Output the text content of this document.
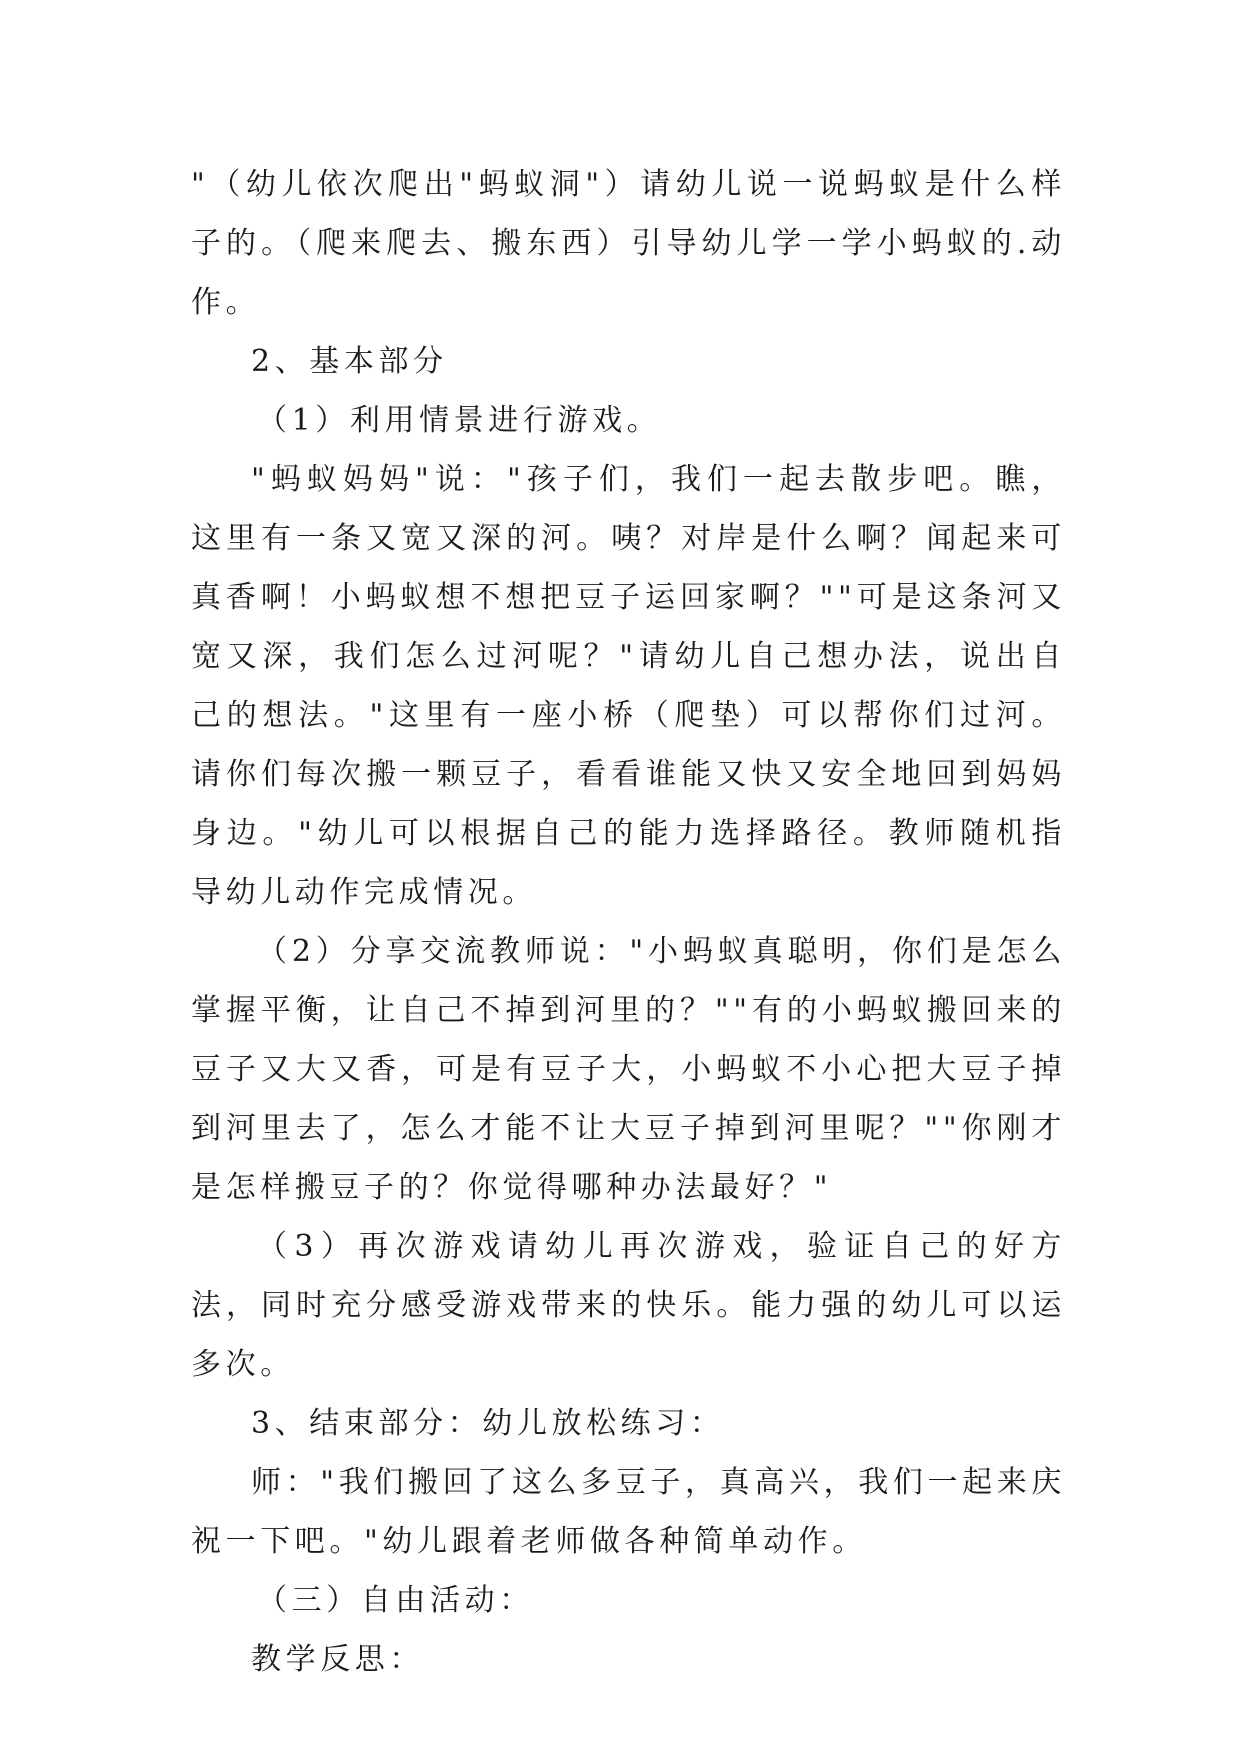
"（幼儿依次爬出"蚂蚁洞"）请幼儿说一说蚂蚁是什么样子的。（爬来爬去、搬东西）引导幼儿学一学小蚂蚁的.动作。

2、基本部分

（1）利用情景进行游戏。

"蚂蚁妈妈"说："孩子们，我们一起去散步吧。瞧，这里有一条又宽又深的河。咦？对岸是什么啊？闻起来可真香啊！小蚂蚁想不想把豆子运回家啊？""可是这条河又宽又深，我们怎么过河呢？"请幼儿自己想办法，说出自己的想法。"这里有一座小桥（爬垫）可以帮你们过河。请你们每次搬一颗豆子，看看谁能又快又安全地回到妈妈身边。"幼儿可以根据自己的能力选择路径。教师随机指导幼儿动作完成情况。

（2）分享交流教师说："小蚂蚁真聪明，你们是怎么掌握平衡，让自己不掉到河里的？""有的小蚂蚁搬回来的豆子又大又香，可是有豆子大，小蚂蚁不小心把大豆子掉到河里去了，怎么才能不让大豆子掉到河里呢？""你刚才是怎样搬豆子的？你觉得哪种办法最好？"

（3）再次游戏请幼儿再次游戏，验证自己的好方法，同时充分感受游戏带来的快乐。能力强的幼儿可以运多次。

3、结束部分：幼儿放松练习：

师："我们搬回了这么多豆子，真高兴，我们一起来庆祝一下吧。"幼儿跟着老师做各种简单动作。

（三）自由活动：

教学反思：
